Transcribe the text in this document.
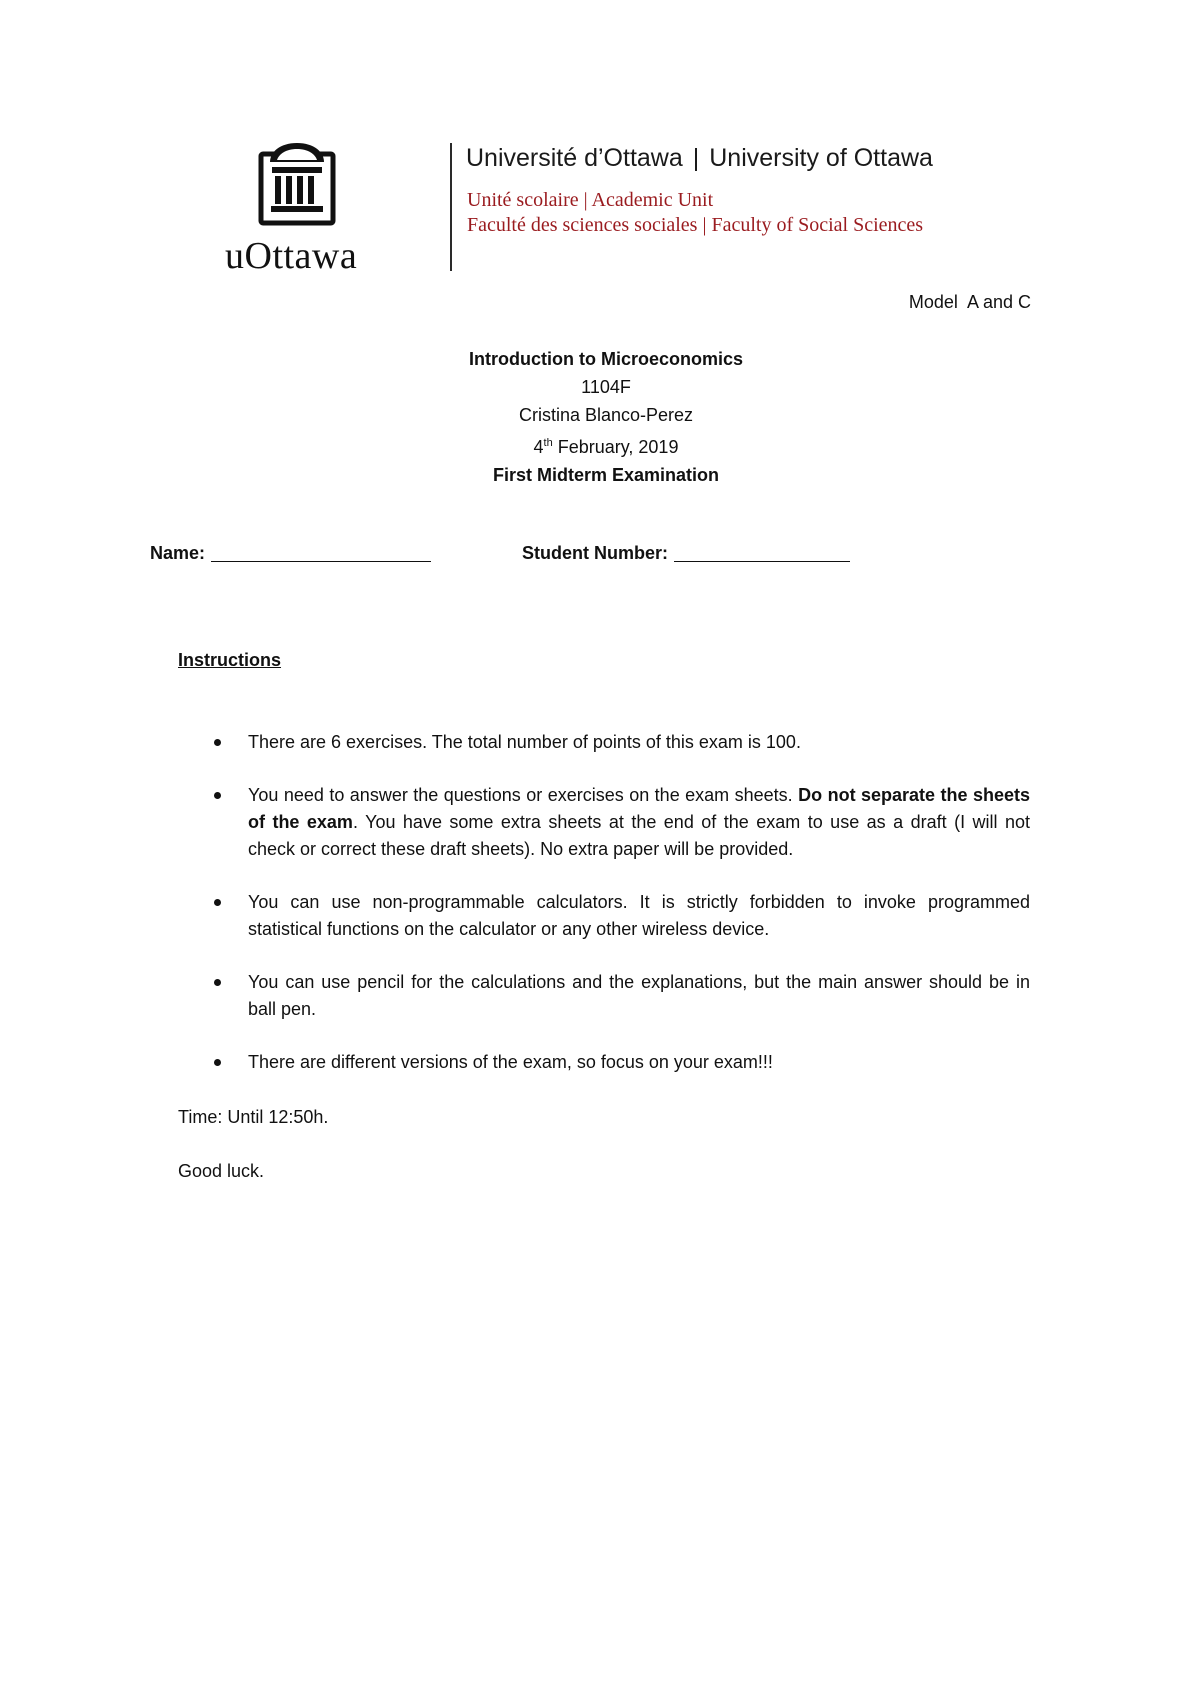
uOttawa
Université d’Ottawa | University of Ottawa
Unité scolaire | Academic Unit
Faculté des sciences sociales | Faculty of Social Sciences
Model  A and C
Introduction to Microeconomics
1104F
Cristina Blanco-Perez
4th February, 2019
First Midterm Examination
Name:	Student Number:
Instructions
There are 6 exercises. The total number of points of this exam is 100.
You need to answer the questions or exercises on the exam sheets. Do not separate the sheets of the exam. You have some extra sheets at the end of the exam to use as a draft (I will not check or correct these draft sheets). No extra paper will be provided.
You can use non-programmable calculators. It is strictly forbidden to invoke programmed statistical functions on the calculator or any other wireless device.
You can use pencil for the calculations and the explanations, but the main answer should be in ball pen.
There are different versions of the exam, so focus on your exam!!!
Time: Until 12:50h.
Good luck.
